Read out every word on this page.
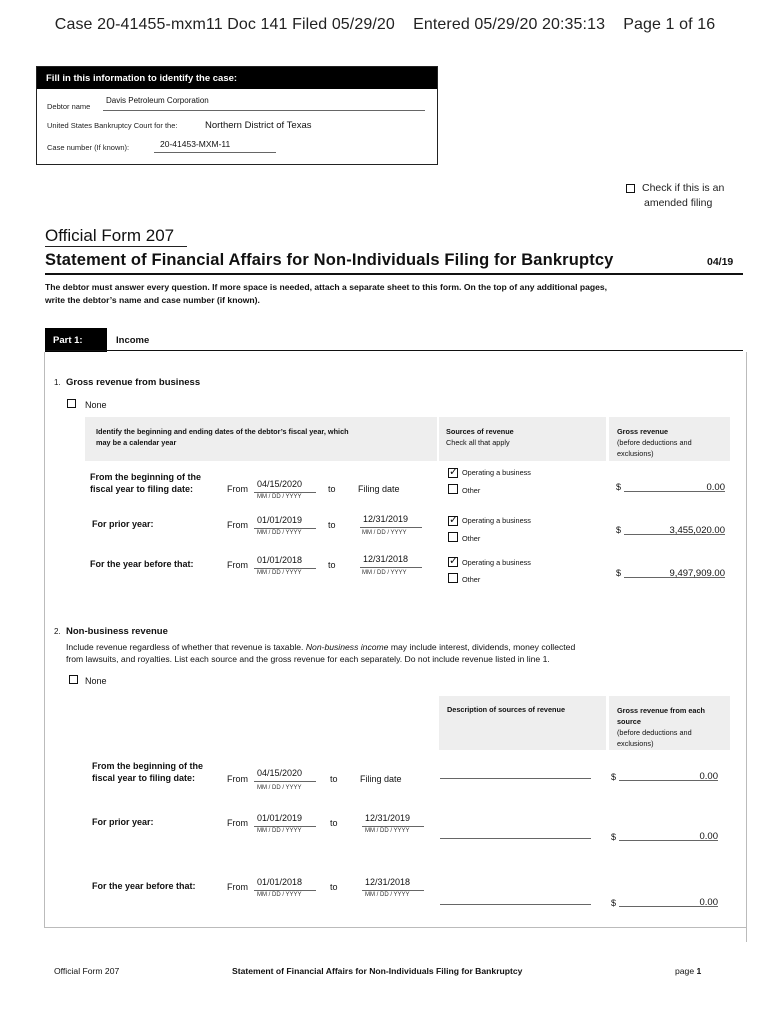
Case 20-41455-mxm11 Doc 141 Filed 05/29/20    Entered 05/29/20 20:35:13    Page 1 of 16
Fill in this information to identify the case:
Debtor name
Davis Petroleum Corporation
United States Bankruptcy Court for the:	Northern District of Texas
Case number (If known):	20-41453-MXM-11
Check if this is an
amended filing
Official Form 207
Statement of Financial Affairs for Non-Individuals Filing for Bankruptcy	04/19
The debtor must answer every question. If more space is needed, attach a separate sheet to this form. On the top of any additional pages,
write the debtor’s name and case number (if known).
Part 1:	Income
1. Gross revenue from business
None
Identify the beginning and ending dates of the debtor’s fiscal year, which
may be a calendar year
Sources of revenue
Check all that apply
Gross revenue
(before deductions and
exclusions)
From the beginning of the
fiscal year to filing date:	From 04/15/2020
MM / DD / YYYY
to Filing date
✓
Operating a business
Other	$	0.00
For prior year:	From 01/01/2019
MM / DD / YYYY
to
12/31/2019
MM / DD / YYYY
✓
Operating a business
Other
$	3,455,020.00
For the year before that:	From 01/01/2018
MM / DD / YYYY
to
12/31/2018
MM / DD / YYYY
✓
Operating a business
Other
$	9,497,909.00
2. Non-business revenue
Include revenue regardless of whether that revenue is taxable. Non-business income may include interest, dividends, money collected
from lawsuits, and royalties. List each source and the gross revenue for each separately. Do not include revenue listed in line 1.
None
Description of sources of revenue	Gross revenue from each
source
(before deductions and
exclusions)
From the beginning of the
fiscal year to filing date:	From
04/15/2020
MM / DD / YYYY
to Filing date	$	0.00
For prior year:	From 01/01/2019
MM / DD / YYYY
to	12/31/2019
MM / DD / YYYY
$	0.00
For the year before that:	From 01/01/2018
MM / DD / YYYY
to	12/31/2018
MM / DD / YYYY
$	0.00
Official Form 207	Statement of Financial Affairs for Non-Individuals Filing for Bankruptcy	page 1
